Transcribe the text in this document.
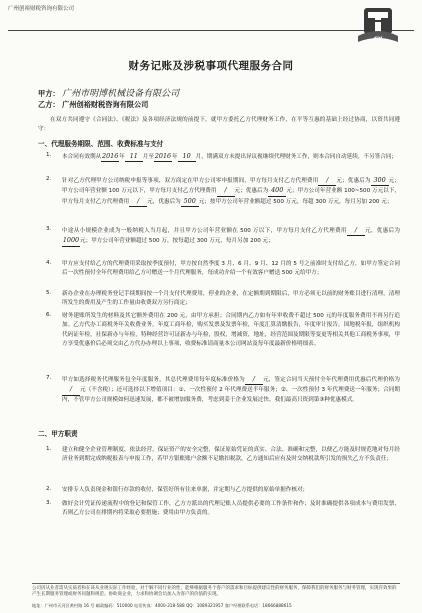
广州创裕财税咨询有限公司
CY
财务记账及涉税事项代理服务合同
甲方： 广州市明博机械设备有限公司
乙方： 广州创裕财税咨询有限公司
在双方共同遵守《合同法》、《税法》及各项经济法规的前提下，就甲方委托乙方代理财务工作，在平等互惠的基础上经过协商，以资共同遵守：
一、代理服务期限、范围、收费标准与支付
1. 本合同有效期从2016年 11 月至2016年 10 月，期满双方未提出异议视继续代理财务工作，则本合同自动延续，不另签合同；
2. 针对乙方代理甲方公司纳税申报等事项，双方商定在甲方公司零申报期间，甲方每月支付乙方代理费用 / 元；优惠后为 300 元；甲方公司年营业额 100 万元以下，甲方每月支付乙方代理费用 / 元；优惠后为 400 元；甲方公司年营业额 100~500 万元以下，甲方每月支付乙方代理费用 / 元，优惠后为 500 元；按甲方公司年营业额超过 500 万元，每超 300 万元，每月另加 200 元；
3. 中途从小规模企业成为一般纳税人当月起，并且甲方公司年营业额在 500 万以下，甲方每月支付乙方代理费用 / 元，优惠后为1000元；甲方公司年营业额超过 500 万，按每超过 300 万元，每月另加 200 元；
4. 甲方应支付给乙方的代理费用采取按季度预付，甲方按自然季度 3 月、6 月、9 月、12 月的 5 号之前准时支付给乙方，如甲方签定合同后一次性预付全年代理费用给乙方可赠送一个月代理服务，每成功介绍一个有效客户赠送 500 元给甲方；
5. 新办企业在办理税务登记手续期间按一个月支付代理费用，停业的企业，在定额期到期限后，甲方必须无以前的财务账目进行清理，清理所发生的费用及产生的工作量由收费双方另行商定；
6. 财务建账所发生的材料及其它额外费用在 200 元，由甲方承担；合同期内乙方如有年审收费不超过 500 元的年度服务费用不再另行追加。乙方代办工商税务年关收费业务，年度工商年检，购买发票及发票年检，年度汇算清缴报告，年度审计报告，国地税年报，组织机构代码证年检，社保新办与年检，特种经营许可证新办与年检，股权，增减资，地址，经营范围及期限等变更等相关其他工商税务事项，甲方享受优惠价后必须交由乙方代办办理以上事项，收费标准请商量本公司网站及每年度最新价格明细表。
7. 甲方如选择税务代理服务包全年度服务，其总代理费用每年度标准价格为 / 元，签定合同当天预付全年代理费用优惠后代理价格为/ 元（不含税）；还可选择以下增值项目：①、一次性预付 2 年代理费送半年服务；②、一次性预付 3 年代理费送一年服务；合同期内，不管甲方公司规模如何迅速发展，都不被增加服务费，考虑到姜于企业发展过快，我们最高只资到第③种优惠模式。
二、甲方职责
1. 建立和健全企业管理制度，依法经营，保证资产的安全完整，保证原始凭证的真实、合法、准确和完整，以便乙方能及时规范地对每月经济业务到期完成纳税报表与申报工作，若甲方银账账户余额不足缴扣税款，乙方通知后应有及时交纳税款所引发的损失乙方不负责任；
2. 安排专人负责现金和银行存款的收付，保管好所有往来单据，并定期与乙方提供的原始单据作核对；
3. 做好会计凭证传递流程中的登记和保管工作，乙方方派出的代理记账人员提供必要的工作条件和作；及时准确提供各项成本与费用发票，否则乙方公司在排期内将采取必要措施；费用由甲方负责的。
公司因从业者需从实质者和在该从业规实际工作经验，对于解不同行业的性，能够根据服务个客户的需求和目标提供建议性的财务服务，保障我们的财务服务与财务管理，实现有效果的产生长期服务管理或财务问题和规范。协助商企业，力求和协调会员加入为客户的价值的实现。
地址：广州市天河区黄村路 16 号 邮政编码：510000 电话传真：4000-318-588 QQ：1089321957 客户经理联系电话：18666888615
